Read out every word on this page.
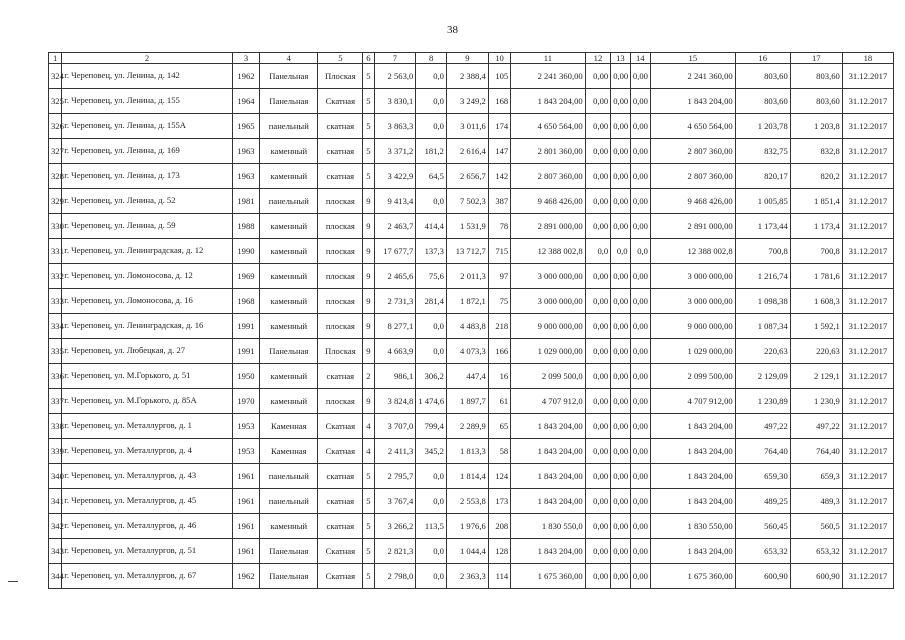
38
1	2	3	4	5	6	7	8	9	10	11	12	13	14	15	16	17	18
324	г. Череповец, ул. Ленина, д. 142	1962	Панельная	Плоская	5	2 563,0	0,0	2 388,4	105	2 241 360,00	0,00	0,00	0,00	2 241 360,00	803,60	803,60	31.12.2017
325	г. Череповец, ул. Ленина, д. 155	1964	Панельная	Скатная	5	3 830,1	0,0	3 249,2	168	1 843 204,00	0,00	0,00	0,00	1 843 204,00	803,60	803,60	31.12.2017
326	г. Череповец, ул. Ленина, д. 155А	1965	панельный	скатная	5	3 863,3	0,0	3 011,6	174	4 650 564,00	0,00	0,00	0,00	4 650 564,00	1 203,78	1 203,8	31.12.2017
327	г. Череповец, ул. Ленина, д. 169	1963	каменный	скатная	5	3 371,2	181,2	2 616,4	147	2 801 360,00	0,00	0,00	0,00	2 807 360,00	832,75	832,8	31.12.2017
328	г. Череповец, ул. Ленина, д. 173	1963	каменный	скатная	5	3 422,9	64,5	2 656,7	142	2 807 360,00	0,00	0,00	0,00	2 807 360,00	820,17	820,2	31.12.2017
329	г. Череповец, ул. Ленина, д. 52	1981	панельный	плоская	9	9 413,4	0,0	7 502,3	387	9 468 426,00	0,00	0,00	0,00	9 468 426,00	1 005,85	1 851,4	31.12.2017
330	г. Череповец, ул. Ленина, д. 59	1988	каменный	плоская	9	2 463,7	414,4	1 531,9	78	2 891 000,00	0,00	0,00	0,00	2 891 000,00	1 173,44	1 173,4	31.12.2017
331	г. Череповец, ул. Ленинградская, д. 12	1990	каменный	плоская	9	17 677,7	137,3	13 712,7	715	12 388 002,8	0,0	0,0	0,0	12 388 002,8	700,8	700,8	31.12.2017
332	г. Череповец, ул. Ломоносова, д. 12	1969	каменный	плоская	9	2 465,6	75,6	2 011,3	97	3 000 000,00	0,00	0,00	0,00	3 000 000,00	1 216,74	1 781,6	31.12.2017
333	г. Череповец, ул. Ломоносова, д. 16	1968	каменный	плоская	9	2 731,3	281,4	1 872,1	75	3 000 000,00	0,00	0,00	0,00	3 000 000,00	1 098,38	1 608,3	31.12.2017
334	г. Череповец, ул. Ленинградская, д. 16	1991	каменный	плоская	9	8 277,1	0,0	4 483,8	218	9 000 000,00	0,00	0,00	0,00	9 000 000,00	1 087,34	1 592,1	31.12.2017
335	г. Череповец, ул. Любецкая, д. 27	1991	Панельная	Плоская	9	4 663,9	0,0	4 073,3	166	1 029 000,00	0,00	0,00	0,00	1 029 000,00	220,63	220,63	31.12.2017
336	г. Череповец, ул. М.Горького, д. 51	1950	каменный	скатная	2	986,1	306,2	447,4	16	2 099 500,0	0,00	0,00	0,00	2 099 500,00	2 129,09	2 129,1	31.12.2017
337	г. Череповец, ул. М.Горького, д. 85А	1970	каменный	плоская	9	3 824,8	1 474,6	1 897,7	61	4 707 912,0	0,00	0,00	0,00	4 707 912,00	1 230,89	1 230,9	31.12.2017
338	г. Череповец, ул. Металлургов, д. 1	1953	Каменная	Скатная	4	3 707,0	799,4	2 289,9	65	1 843 204,00	0,00	0,00	0,00	1 843 204,00	497,22	497,22	31.12.2017
339	г. Череповец, ул. Металлургов, д. 4	1953	Каменная	Скатная	4	2 411,3	345,2	1 813,3	58	1 843 204,00	0,00	0,00	0,00	1 843 204,00	764,40	764,40	31.12.2017
340	г. Череповец, ул. Металлургов, д. 43	1961	панельный	скатная	5	2 795,7	0,0	1 814,4	124	1 843 204,00	0,00	0,00	0,00	1 843 204,00	659,30	659,3	31.12.2017
341	г. Череповец, ул. Металлургов, д. 45	1961	панельный	скатная	5	3 767,4	0,0	2 553,8	173	1 843 204,00	0,00	0,00	0,00	1 843 204,00	489,25	489,3	31.12.2017
342	г. Череповец, ул. Металлургов, д. 46	1961	каменный	скатная	5	3 266,2	113,5	1 976,6	208	1 830 550,0	0,00	0,00	0,00	1 830 550,00	560,45	560,5	31.12.2017
343	г. Череповец, ул. Металлургов, д. 51	1961	Панельная	Скатная	5	2 821,3	0,0	1 044,4	128	1 843 204,00	0,00	0,00	0,00	1 843 204,00	653,32	653,32	31.12.2017
344	г. Череповец, ул. Металлургов, д. 67	1962	Панельная	Скатная	5	2 798,0	0,0	2 363,3	114	1 675 360,00	0,00	0,00	0,00	1 675 360,00	600,90	600,90	31.12.2017
